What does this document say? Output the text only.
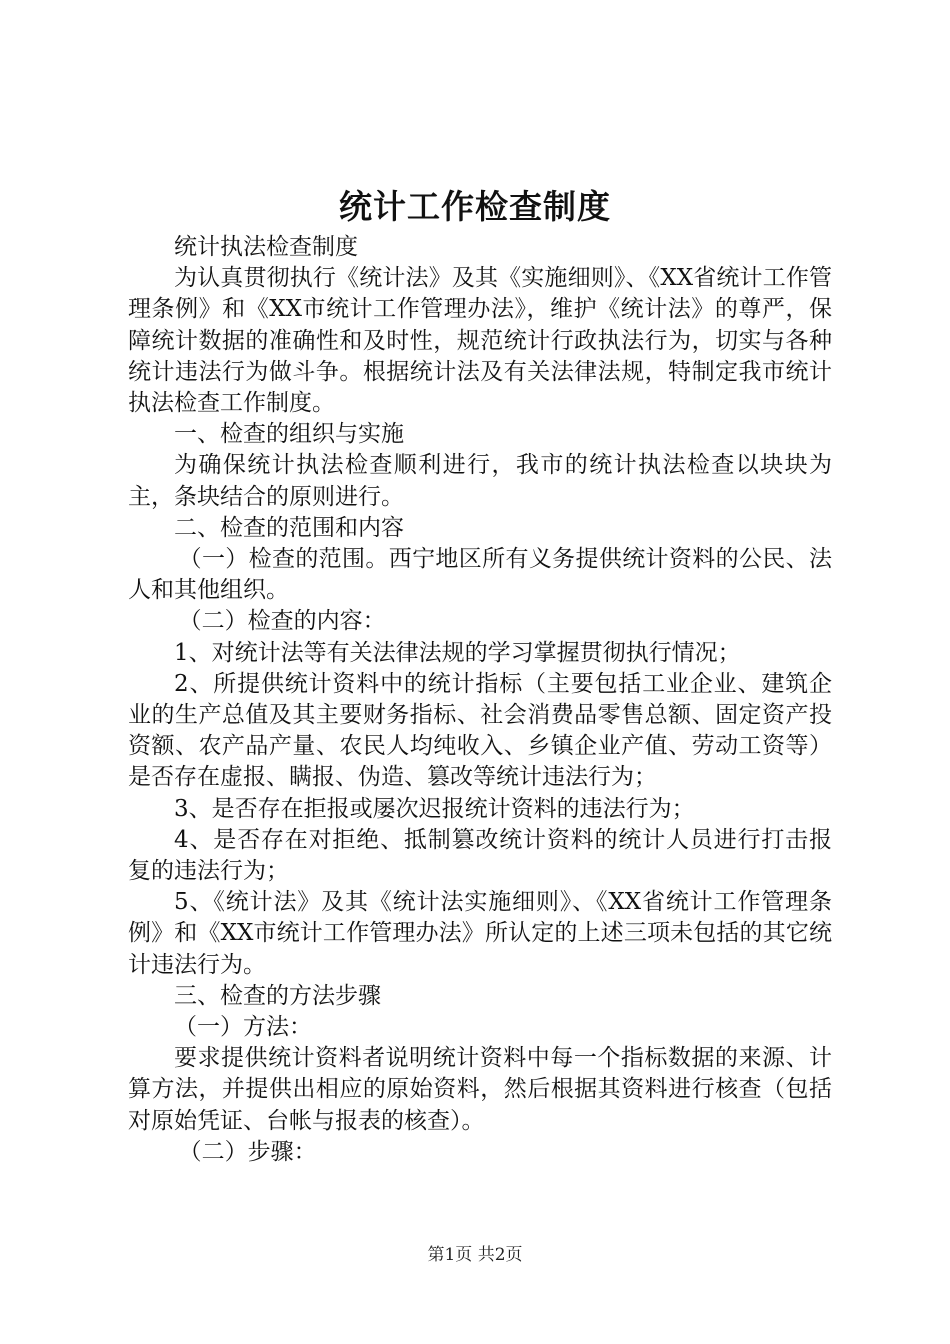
统计工作检查制度

统计执法检查制度

为认真贯彻执行《统计法》及其《实施细则》、《XX省统计工作管理条例》和《XX市统计工作管理办法》，维护《统计法》的尊严，保障统计数据的准确性和及时性，规范统计行政执法行为，切实与各种统计违法行为做斗争。根据统计法及有关法律法规，特制定我市统计执法检查工作制度。

一、检查的组织与实施

为确保统计执法检查顺利进行，我市的统计执法检查以块块为主，条块结合的原则进行。

二、检查的范围和内容

（一）检查的范围。西宁地区所有义务提供统计资料的公民、法人和其他组织。

（二）检查的内容：

1、对统计法等有关法律法规的学习掌握贯彻执行情况；

2、所提供统计资料中的统计指标（主要包括工业企业、建筑企业的生产总值及其主要财务指标、社会消费品零售总额、固定资产投资额、农产品产量、农民人均纯收入、乡镇企业产值、劳动工资等）是否存在虚报、瞒报、伪造、篡改等统计违法行为；

3、是否存在拒报或屡次迟报统计资料的违法行为；

4、是否存在对拒绝、抵制篡改统计资料的统计人员进行打击报复的违法行为；

5、《统计法》及其《统计法实施细则》、《XX省统计工作管理条例》和《XX市统计工作管理办法》所认定的上述三项未包括的其它统计违法行为。

三、检查的方法步骤

（一）方法：

要求提供统计资料者说明统计资料中每一个指标数据的来源、计算方法，并提供出相应的原始资料，然后根据其资料进行核查（包括对原始凭证、台帐与报表的核查）。

（二）步骤：

第1页 共2页
